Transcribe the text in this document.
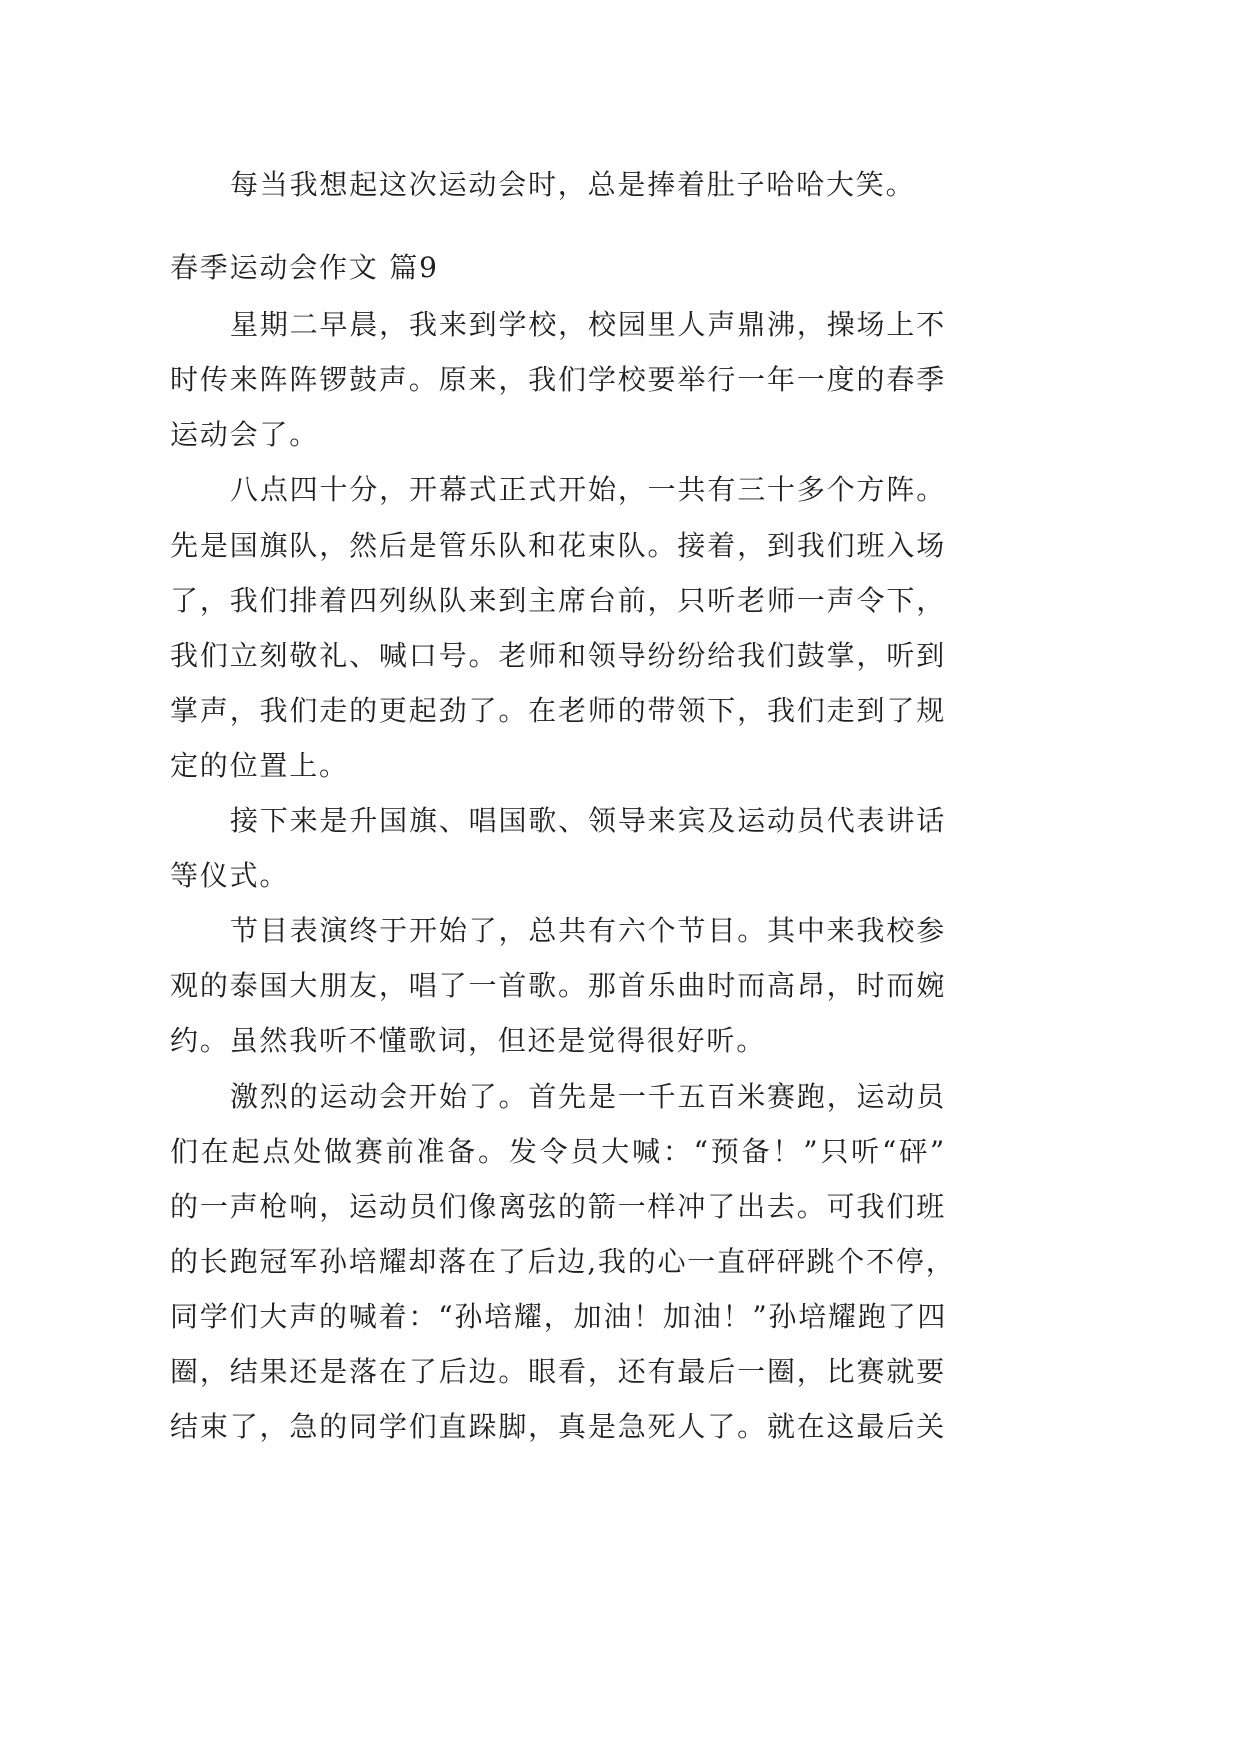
每当我想起这次运动会时，总是捧着肚子哈哈大笑。
春季运动会作文 篇9
星期二早晨，我来到学校，校园里人声鼎沸，操场上不
时传来阵阵锣鼓声。原来，我们学校要举行一年一度的春季
运动会了。
八点四十分，开幕式正式开始，一共有三十多个方阵。
先是国旗队，然后是管乐队和花束队。接着，到我们班入场
了，我们排着四列纵队来到主席台前，只听老师一声令下，
我们立刻敬礼、喊口号。老师和领导纷纷给我们鼓掌，听到
掌声，我们走的更起劲了。在老师的带领下，我们走到了规
定的位置上。
接下来是升国旗、唱国歌、领导来宾及运动员代表讲话
等仪式。
节目表演终于开始了，总共有六个节目。其中来我校参
观的泰国大朋友，唱了一首歌。那首乐曲时而高昂，时而婉
约。虽然我听不懂歌词，但还是觉得很好听。
激烈的运动会开始了。首先是一千五百米赛跑，运动员
们在起点处做赛前准备。发令员大喊：“预备！”只听“砰”
的一声枪响，运动员们像离弦的箭一样冲了出去。可我们班
的长跑冠军孙培耀却落在了后边,我的心一直砰砰跳个不停，
同学们大声的喊着：“孙培耀，加油！加油！”孙培耀跑了四
圈，结果还是落在了后边。眼看，还有最后一圈，比赛就要
结束了，急的同学们直跺脚，真是急死人了。就在这最后关
